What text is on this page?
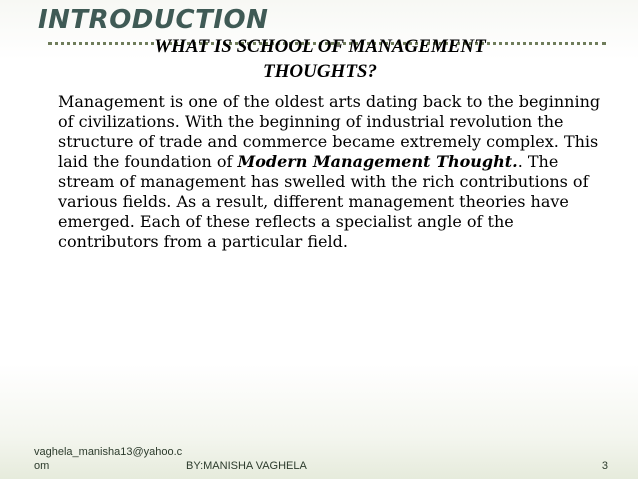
INTRODUCTION
WHAT IS SCHOOL OF MANAGEMENT THOUGHTS?

Management is one of the oldest arts dating back to the beginning of civilizations. With the beginning of industrial revolution the structure of trade and commerce became extremely complex. This laid the foundation of Modern Management Thought.. The stream of management has swelled with the rich contributions of various fields. As a result, different management theories have emerged. Each of these reflects a specialist angle of the contributors from a particular field.

vaghela_manisha13@yahoo.com	BY:MANISHA VAGHELA	3
